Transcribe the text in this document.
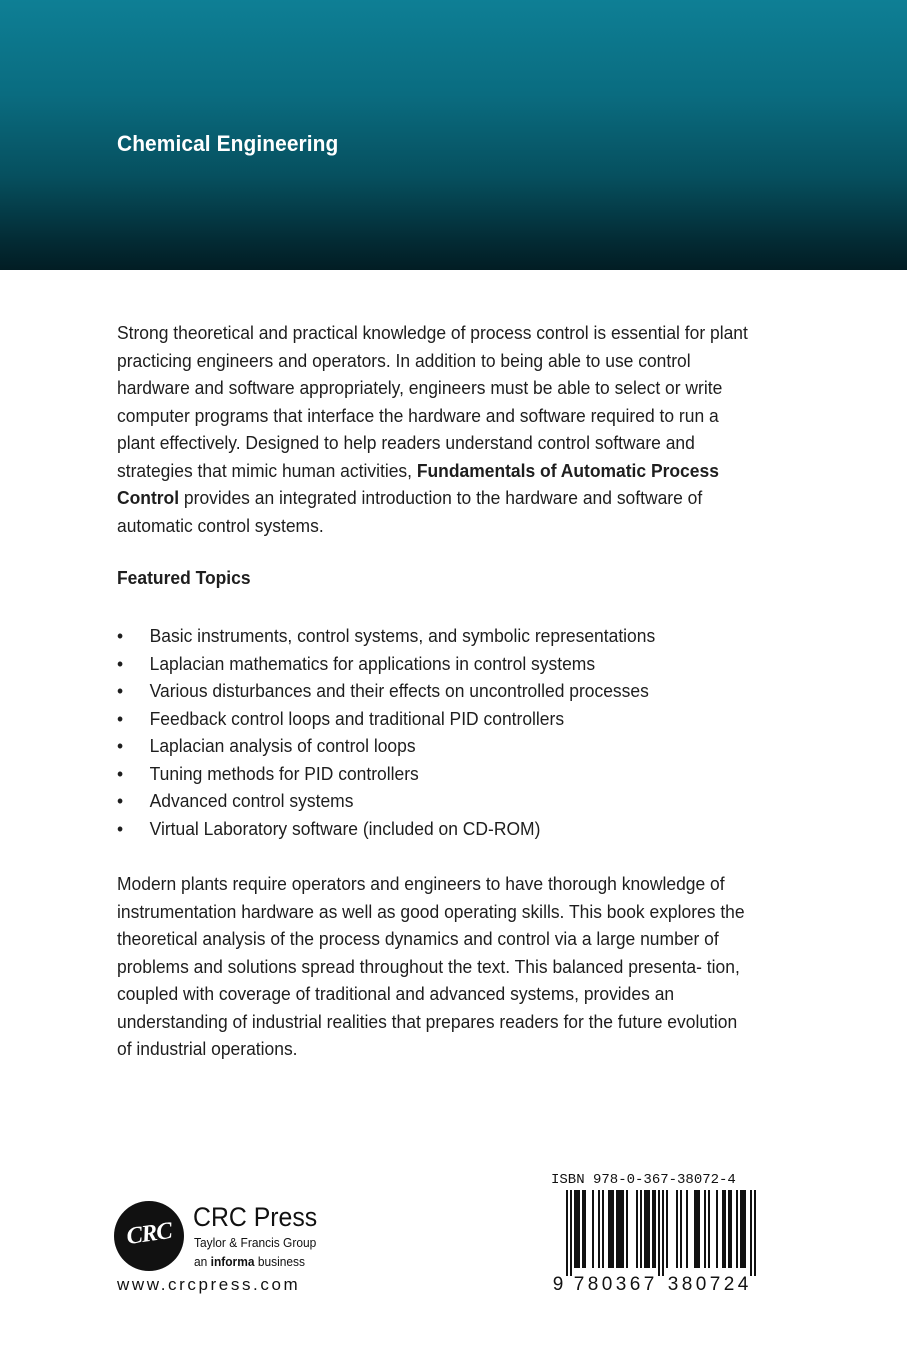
Chemical Engineering
Strong theoretical and practical knowledge of process control is essential for plant practicing engineers and operators. In addition to being able to use control hardware and software appropriately, engineers must be able to select or write computer programs that interface the hardware and software required to run a plant effectively. Designed to help readers understand control software and strategies that mimic human activities, Fundamentals of Automatic Process Control provides an integrated introduction to the hardware and software of automatic control systems.
Featured Topics
• Basic instruments, control systems, and symbolic representations
• Laplacian mathematics for applications in control systems
• Various disturbances and their effects on uncontrolled processes
• Feedback control loops and traditional PID controllers
• Laplacian analysis of control loops
• Tuning methods for PID controllers
• Advanced control systems
• Virtual Laboratory software (included on CD-ROM)
Modern plants require operators and engineers to have thorough knowledge of instrumentation hardware as well as good operating skills. This book explores the theoretical analysis of the process dynamics and control via a large number of problems and solutions spread throughout the text. This balanced presenta- tion, coupled with coverage of traditional and advanced systems, provides an understanding of industrial realities that prepares readers for the future evolution of industrial operations.
CRC
CRC Press
Taylor & Francis Group
an informa business
www.crcpress.com
ISBN 978-0-367-38072-4
9 7 8 0 3 6 7 3 8 0 7 2 4
